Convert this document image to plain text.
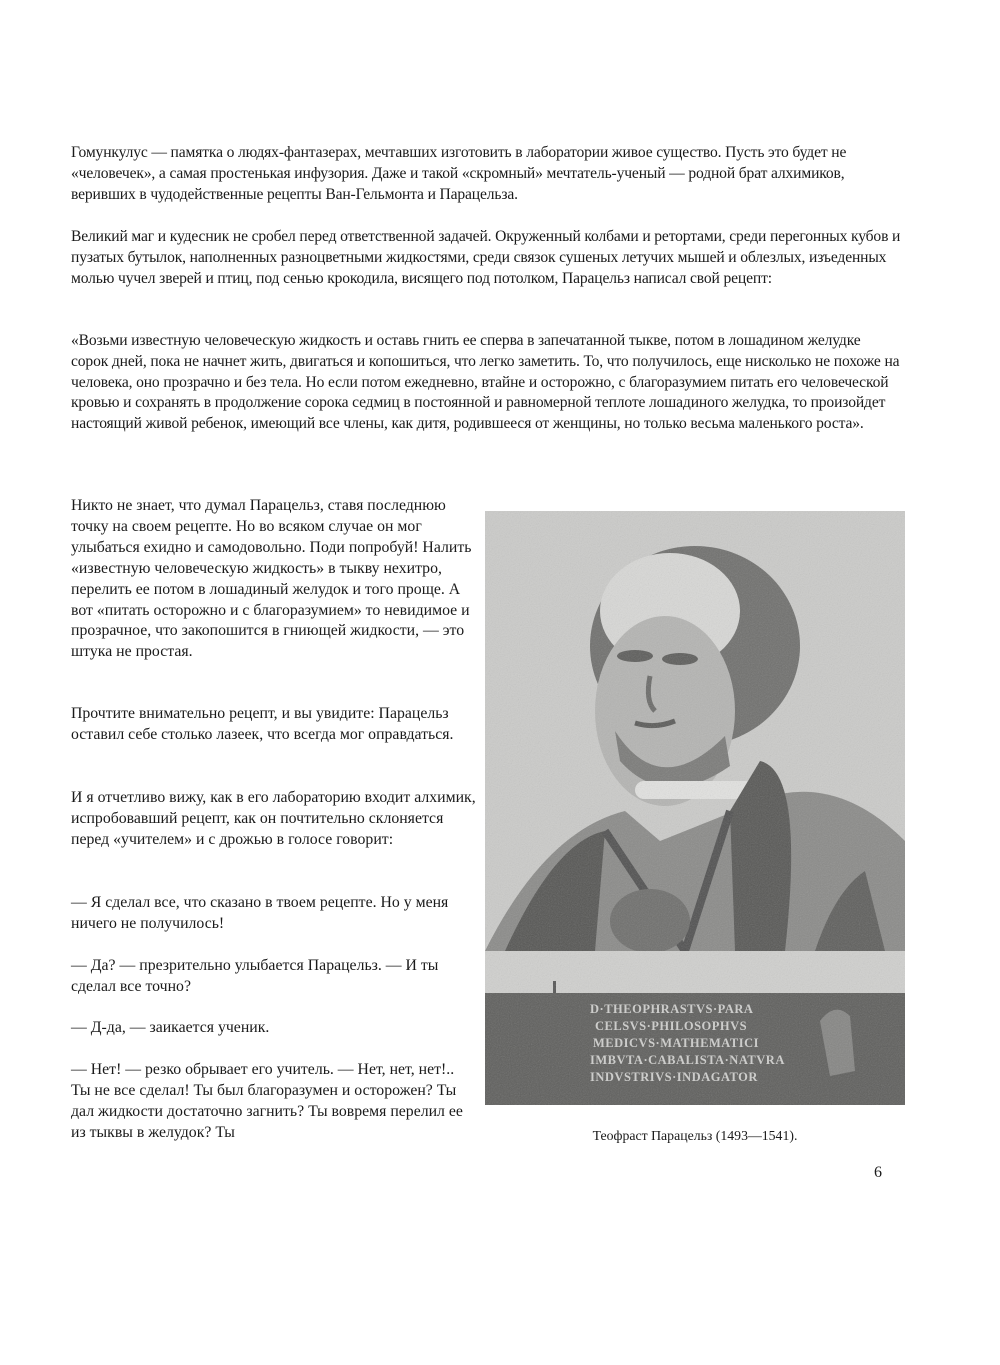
Гомункулус — памятка о людях-фантазерах, мечтавших изготовить в лаборатории живое существо. Пусть это будет не «человечек», а самая простенькая инфузория. Даже и такой «скромный» мечтатель-ученый — родной брат алхимиков, веривших в чудодейственные рецепты Ван-Гельмонта и Парацельза.

Великий маг и кудесник не сробел перед ответственной задачей. Окруженный колбами и ретортами, среди перегонных кубов и пузатых бутылок, наполненных разноцветными жидкостями, среди связок сушеных летучих мышей и облезлых, изъеденных молью чучел зверей и птиц, под сенью крокодила, висящего под потолком, Парацельз написал свой рецепт:

«Возьми известную человеческую жидкость и оставь гнить ее сперва в запечатанной тыкве, потом в лошадином желудке сорок дней, пока не начнет жить, двигаться и копошиться, что легко заметить. То, что получилось, еще нисколько не похоже на человека, оно прозрачно и без тела. Но если потом ежедневно, втайне и осторожно, с благоразумием питать его человеческой кровью и сохранять в продолжение сорока седмиц в постоянной и равномерной теплоте лошадиного желудка, то произойдет настоящий живой ребенок, имеющий все члены, как дитя, родившееся от женщины, но только весьма маленького роста».

Никто не знает, что думал Парацельз, ставя последнюю точку на своем рецепте. Но во всяком случае он мог улыбаться ехидно и самодовольно. Поди попробуй! Налить «известную человеческую жидкость» в тыкву нехитро, перелить ее потом в лошадиный желудок и того проще. А вот «питать осторожно и с благоразумием» то невидимое и прозрачное, что закопошится в гниющей жидкости, — это штука не простая.

Прочтите внимательно рецепт, и вы увидите: Парацельз оставил себе столько лазеек, что всегда мог оправдаться.

И я отчетливо вижу, как в его лабораторию входит алхимик, испробовавший рецепт, как он почтительно склоняется перед «учителем» и с дрожью в голосе говорит:

— Я сделал все, что сказано в твоем рецепте. Но у меня ничего не получилось!

— Да? — презрительно улыбается Парацельз. — И ты сделал все точно?

— Д-да, — заикается ученик.

— Нет! — резко обрывает его учитель. — Нет, нет, нет!.. Ты не все сделал! Ты был благоразумен и осторожен? Ты дал жидкости достаточно загнить? Ты вовремя перелил ее из тыквы в желудок? Ты	Теофраст Парацельз (1493—1541).
6
